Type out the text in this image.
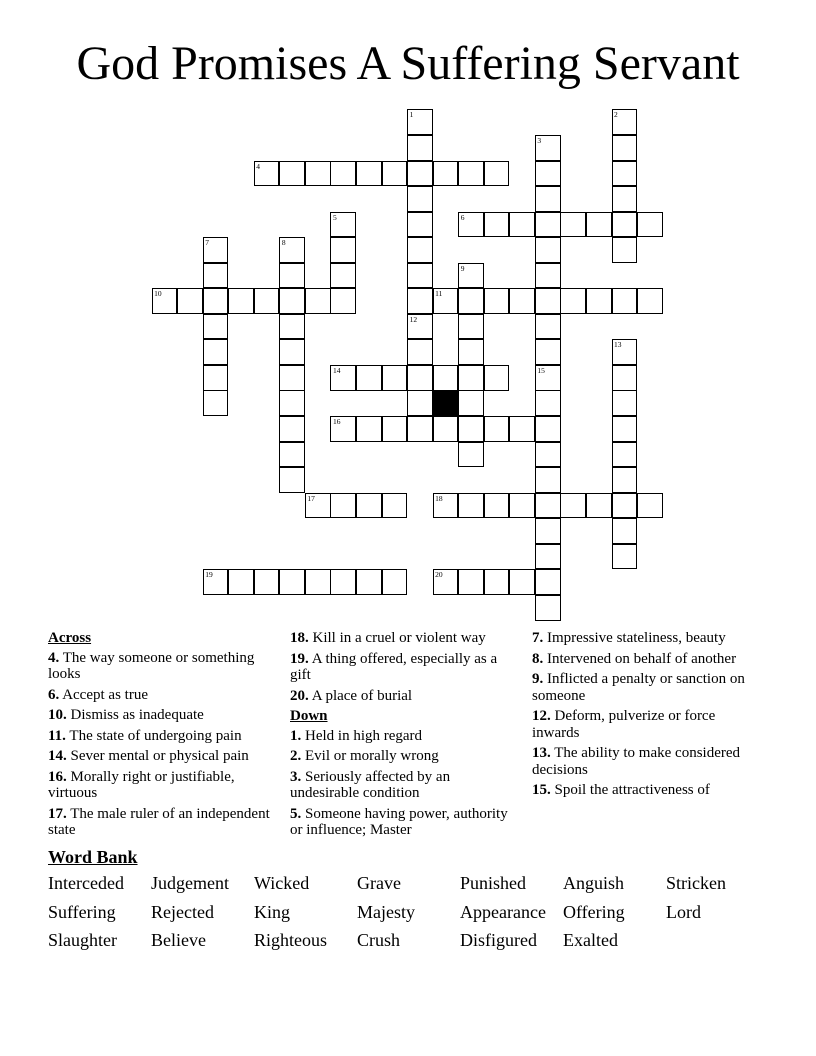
God Promises A Suffering Servant
4
6
10	11
14
16
17	18
19	20
1	2
3
5
7	8
9
12
13
15
Across
4. The way someone or something looks
6. Accept as true
10. Dismiss as inadequate
11. The state of undergoing pain
14. Sever mental or physical pain
16. Morally right or justifiable, virtuous
17. The male ruler of an independent state
18. Kill in a cruel or violent way
19. A thing offered, especially as a gift
20. A place of burial
Down
1. Held in high regard
2. Evil or morally wrong
3. Seriously affected by an undesirable condition
5. Someone having power, authority or influence; Master
7. Impressive stateliness, beauty
8. Intervened on behalf of another
9. Inflicted a penalty or sanction on someone
12. Deform, pulverize or force inwards
13. The ability to make considered decisions
15. Spoil the attractiveness of
Word Bank
Interceded Judgement Wicked	Grave	Punished Anguish Stricken
Suffering Rejected King	Majesty	Appearance Offering Lord
Slaughter Believe	Righteous Crush	Disfigured Exalted
